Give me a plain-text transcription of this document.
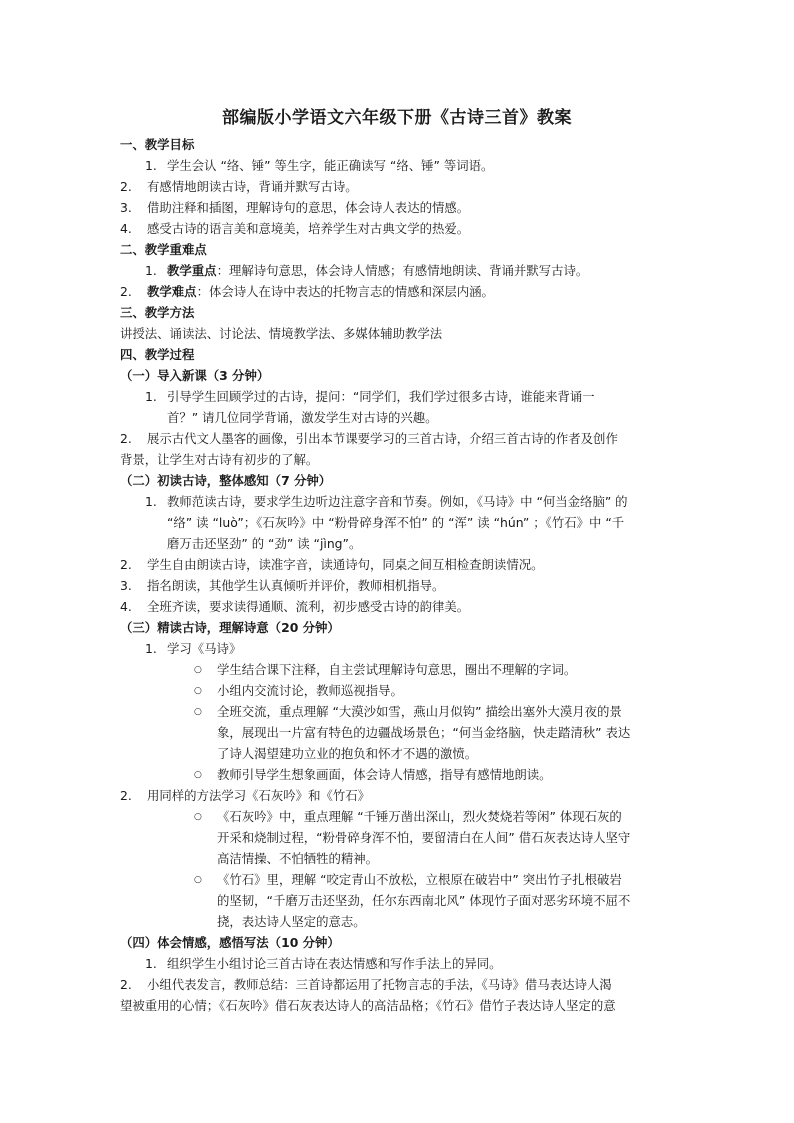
部编版小学语文六年级下册《古诗三首》教案
一、教学目标
1. 学生会认 “络、锤” 等生字，能正确读写 “络、锤” 等词语。
2. 有感情地朗读古诗，背诵并默写古诗。
3. 借助注释和插图，理解诗句的意思，体会诗人表达的情感。
4. 感受古诗的语言美和意境美，培养学生对古典文学的热爱。
二、教学重难点
1. 教学重点：理解诗句意思，体会诗人情感；有感情地朗读、背诵并默写古诗。
2. 教学难点：体会诗人在诗中表达的托物言志的情感和深层内涵。
三、教学方法
讲授法、诵读法、讨论法、情境教学法、多媒体辅助教学法
四、教学过程
（一）导入新课（3 分钟）
1. 引导学生回顾学过的古诗，提问：“同学们，我们学过很多古诗，谁能来背诵一
首？” 请几位同学背诵，激发学生对古诗的兴趣。
2. 展示古代文人墨客的画像，引出本节课要学习的三首古诗，介绍三首古诗的作者及创作
背景，让学生对古诗有初步的了解。
（二）初读古诗，整体感知（7 分钟）
1. 教师范读古诗，要求学生边听边注意字音和节奏。例如，《马诗》中 “何当金络脑” 的
“络” 读 “luò”；《石灰吟》中 “粉骨碎身浑不怕” 的 “浑” 读 “hún” ；《竹石》中 “千
磨万击还坚劲” 的 “劲” 读 “jìng”。
2. 学生自由朗读古诗，读准字音，读通诗句，同桌之间互相检查朗读情况。
3. 指名朗读，其他学生认真倾听并评价，教师相机指导。
4. 全班齐读，要求读得通顺、流利，初步感受古诗的韵律美。
（三）精读古诗，理解诗意（20 分钟）
1. 学习《马诗》
○ 学生结合课下注释，自主尝试理解诗句意思，圈出不理解的字词。
○ 小组内交流讨论，教师巡视指导。
○ 全班交流，重点理解 “大漠沙如雪，燕山月似钩” 描绘出塞外大漠月夜的景
象，展现出一片富有特色的边疆战场景色；“何当金络脑，快走踏清秋” 表达
了诗人渴望建功立业的抱负和怀才不遇的激愤。
○ 教师引导学生想象画面，体会诗人情感，指导有感情地朗读。
2. 用同样的方法学习《石灰吟》和《竹石》
○ 《石灰吟》中，重点理解 “千锤万凿出深山，烈火焚烧若等闲” 体现石灰的
开采和烧制过程，“粉骨碎身浑不怕，要留清白在人间” 借石灰表达诗人坚守
高洁情操、不怕牺牲的精神。
○ 《竹石》里，理解 “咬定青山不放松，立根原在破岩中” 突出竹子扎根破岩
的坚韧，“千磨万击还坚劲，任尔东西南北风” 体现竹子面对恶劣环境不屈不
挠，表达诗人坚定的意志。
（四）体会情感，感悟写法（10 分钟）
1. 组织学生小组讨论三首古诗在表达情感和写作手法上的异同。
2. 小组代表发言，教师总结：三首诗都运用了托物言志的手法，《马诗》借马表达诗人渴
望被重用的心情；《石灰吟》借石灰表达诗人的高洁品格；《竹石》借竹子表达诗人坚定的意
